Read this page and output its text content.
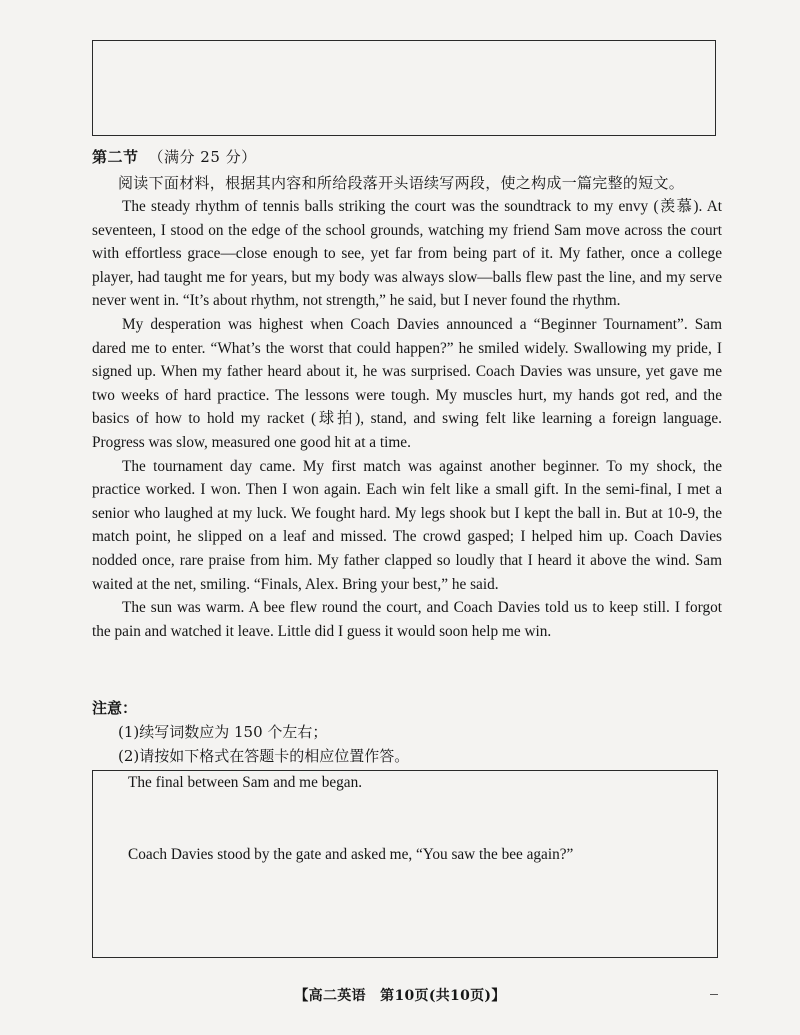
第二节 （满分 25 分）
阅读下面材料，根据其内容和所给段落开头语续写两段，使之构成一篇完整的短文。

The steady rhythm of tennis balls striking the court was the soundtrack to my envy (羡慕). At seventeen, I stood on the edge of the school grounds, watching my friend Sam move across the court with effortless grace—close enough to see, yet far from being part of it. My father, once a college player, had taught me for years, but my body was always slow—balls flew past the line, and my serve never went in. “It’s about rhythm, not strength,” he said, but I never found the rhythm.

My desperation was highest when Coach Davies announced a “Beginner Tournament”. Sam dared me to enter. “What’s the worst that could happen?” he smiled widely. Swallowing my pride, I signed up. When my father heard about it, he was surprised. Coach Davies was unsure, yet gave me two weeks of hard practice. The lessons were tough. My muscles hurt, my hands got red, and the basics of how to hold my racket (球拍), stand, and swing felt like learning a foreign language. Progress was slow, measured one good hit at a time.

The tournament day came. My first match was against another beginner. To my shock, the practice worked. I won. Then I won again. Each win felt like a small gift. In the semi-final, I met a senior who laughed at my luck. We fought hard. My legs shook but I kept the ball in. But at 10-9, the match point, he slipped on a leaf and missed. The crowd gasped; I helped him up. Coach Davies nodded once, rare praise from him. My father clapped so loudly that I heard it above the wind. Sam waited at the net, smiling. “Finals, Alex. Bring your best,” he said.

The sun was warm. A bee flew round the court, and Coach Davies told us to keep still. I forgot the pain and watched it leave. Little did I guess it would soon help me win.

注意：
(1)续写词数应为 150 个左右；
(2)请按如下格式在答题卡的相应位置作答。
The final between Sam and me began.
Coach Davies stood by the gate and asked me, “You saw the bee again?”
【高二英语　第10页(共10页)】
